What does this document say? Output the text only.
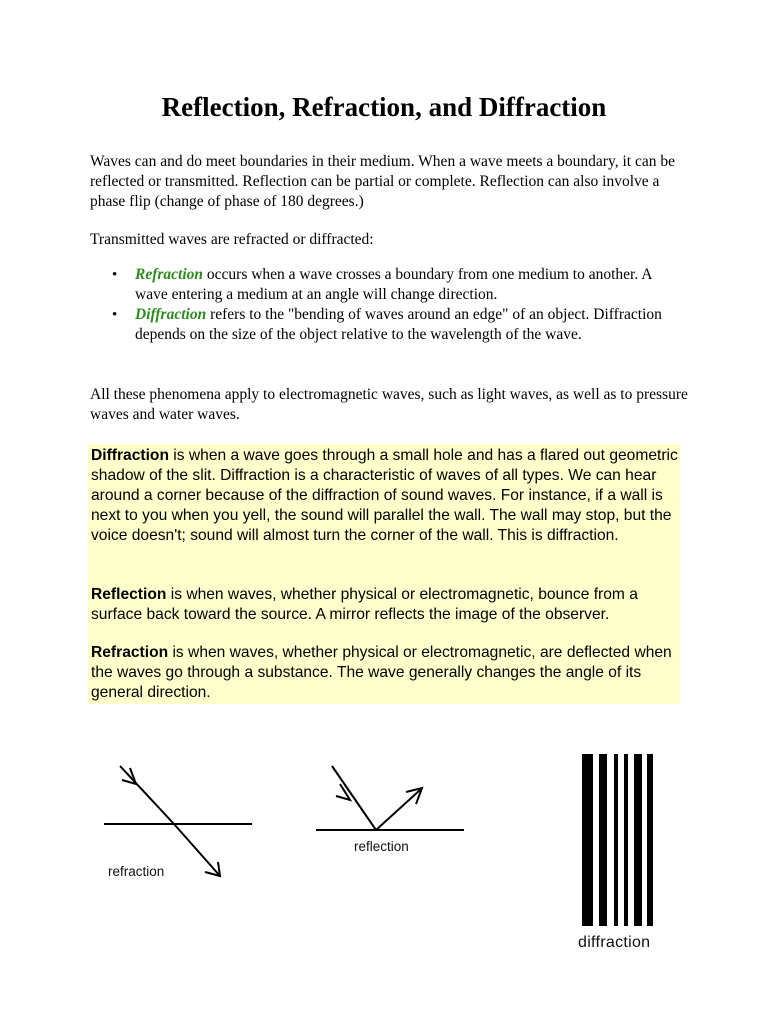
Reflection, Refraction, and Diffraction

Waves can and do meet boundaries in their medium. When a wave meets a boundary, it can be reflected or transmitted. Reflection can be partial or complete. Reflection can also involve a phase flip (change of phase of 180 degrees.)

Transmitted waves are refracted or diffracted:

• Refraction occurs when a wave crosses a boundary from one medium to another. A wave entering a medium at an angle will change direction.
• Diffraction refers to the "bending of waves around an edge" of an object. Diffraction depends on the size of the object relative to the wavelength of the wave.

All these phenomena apply to electromagnetic waves, such as light waves, as well as to pressure waves and water waves.

Diffraction is when a wave goes through a small hole and has a flared out geometric shadow of the slit. Diffraction is a characteristic of waves of all types. We can hear around a corner because of the diffraction of sound waves. For instance, if a wall is next to you when you yell, the sound will parallel the wall. The wall may stop, but the voice doesn't; sound will almost turn the corner of the wall. This is diffraction.

Reflection is when waves, whether physical or electromagnetic, bounce from a surface back toward the source. A mirror reflects the image of the observer.

Refraction is when waves, whether physical or electromagnetic, are deflected when the waves go through a substance. The wave generally changes the angle of its general direction.

refraction
reflection
diffraction
